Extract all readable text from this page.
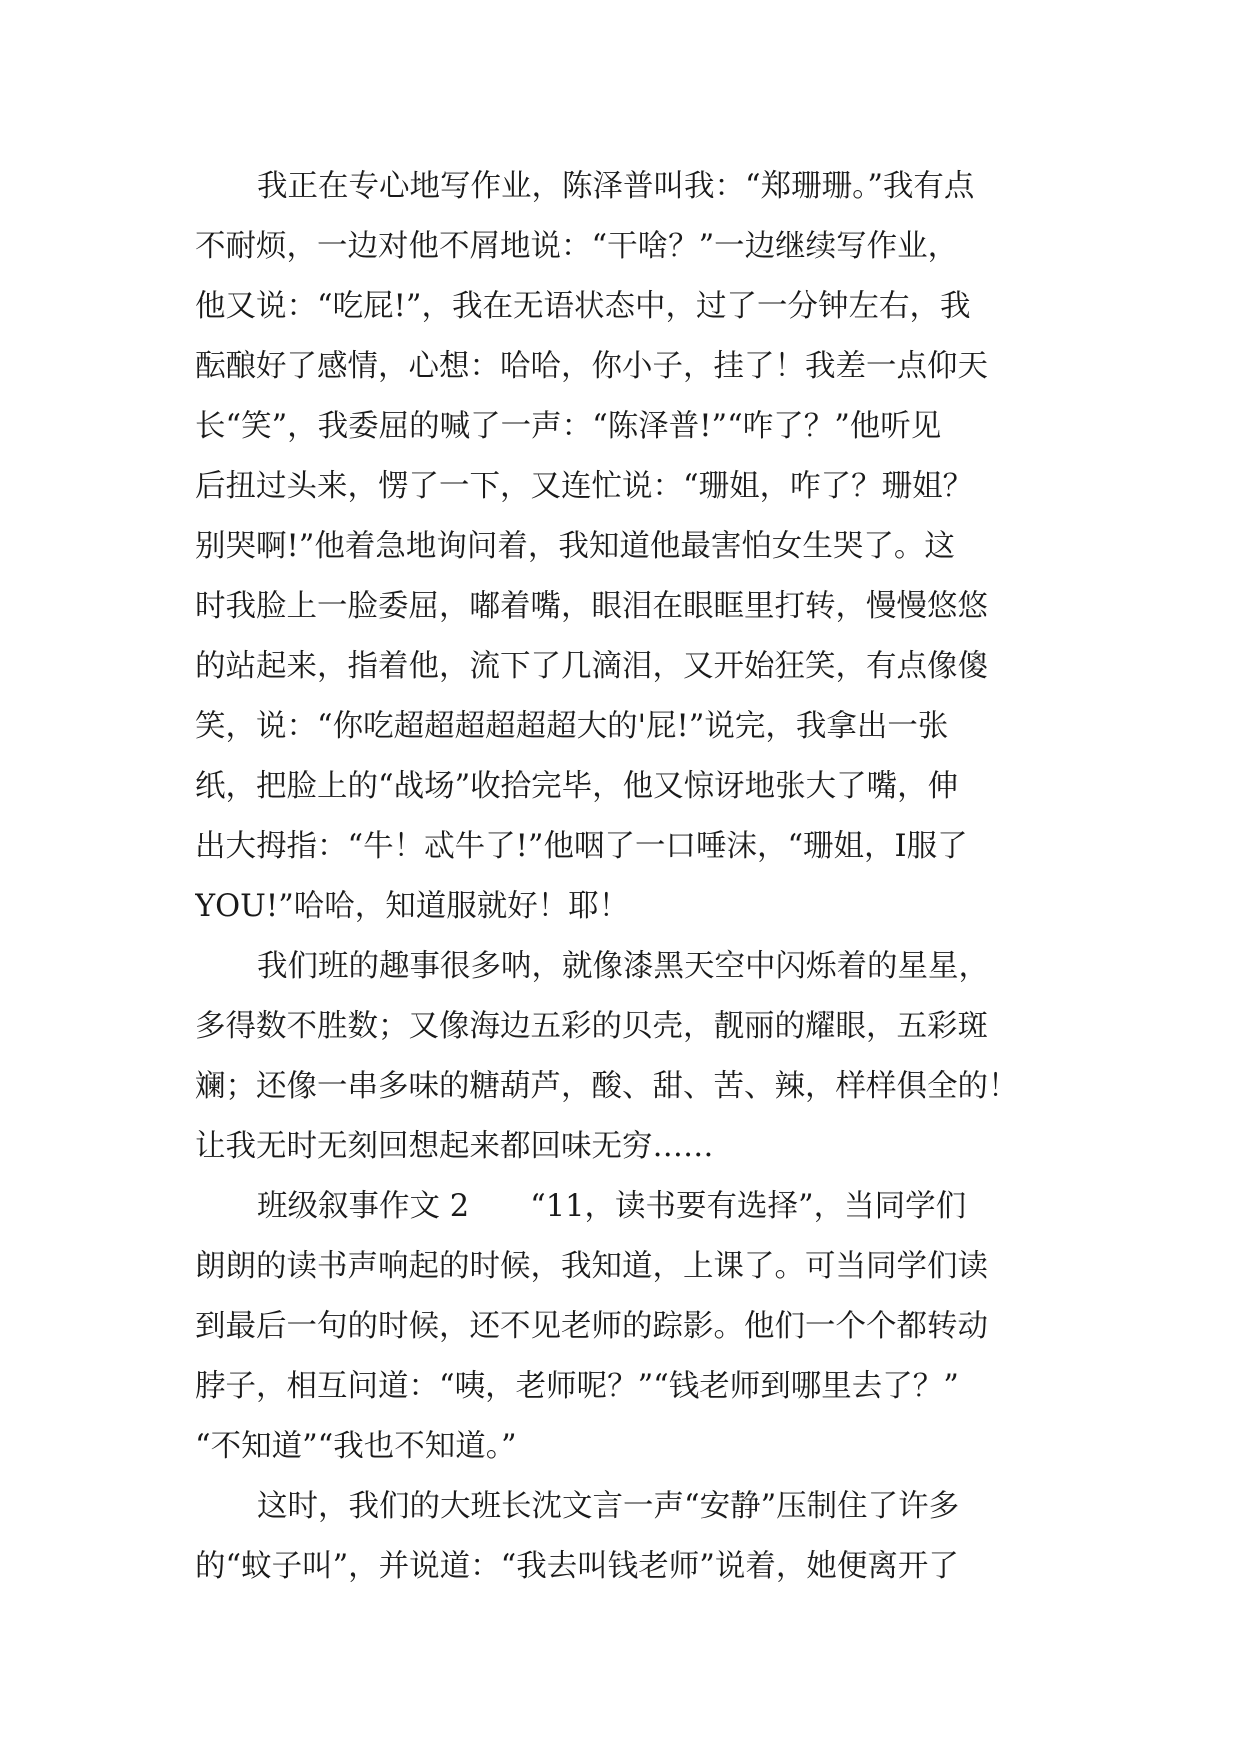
我正在专心地写作业，陈泽普叫我：“郑珊珊。”我有点
不耐烦，一边对他不屑地说：“干啥？”一边继续写作业，
他又说：“吃屁!”，我在无语状态中，过了一分钟左右，我
酝酿好了感情，心想：哈哈，你小子，挂了！我差一点仰天
长“笑”，我委屈的喊了一声：“陈泽普!”“咋了？”他听见
后扭过头来，愣了一下，又连忙说：“珊姐，咋了？珊姐？
别哭啊!”他着急地询问着，我知道他最害怕女生哭了。这
时我脸上一脸委屈，嘟着嘴，眼泪在眼眶里打转，慢慢悠悠
的站起来，指着他，流下了几滴泪，又开始狂笑，有点像傻
笑，说：“你吃超超超超超超大的'屁!”说完，我拿出一张
纸，把脸上的“战场”收拾完毕，他又惊讶地张大了嘴，伸
出大拇指：“牛！忒牛了!”他咽了一口唾沫，“珊姐，I服了
YOU!”哈哈，知道服就好！耶！
我们班的趣事很多呐，就像漆黑天空中闪烁着的星星，
多得数不胜数；又像海边五彩的贝壳，靓丽的耀眼，五彩斑
斓；还像一串多味的糖葫芦，酸、甜、苦、辣，样样俱全的！
让我无时无刻回想起来都回味无穷……
班级叙事作文 2　　“11，读书要有选择”，当同学们
朗朗的读书声响起的时候，我知道，上课了。可当同学们读
到最后一句的时候，还不见老师的踪影。他们一个个都转动
脖子，相互问道：“咦，老师呢？”“钱老师到哪里去了？”
“不知道”“我也不知道。”
这时，我们的大班长沈文言一声“安静”压制住了许多
的“蚊子叫”，并说道：“我去叫钱老师”说着，她便离开了
